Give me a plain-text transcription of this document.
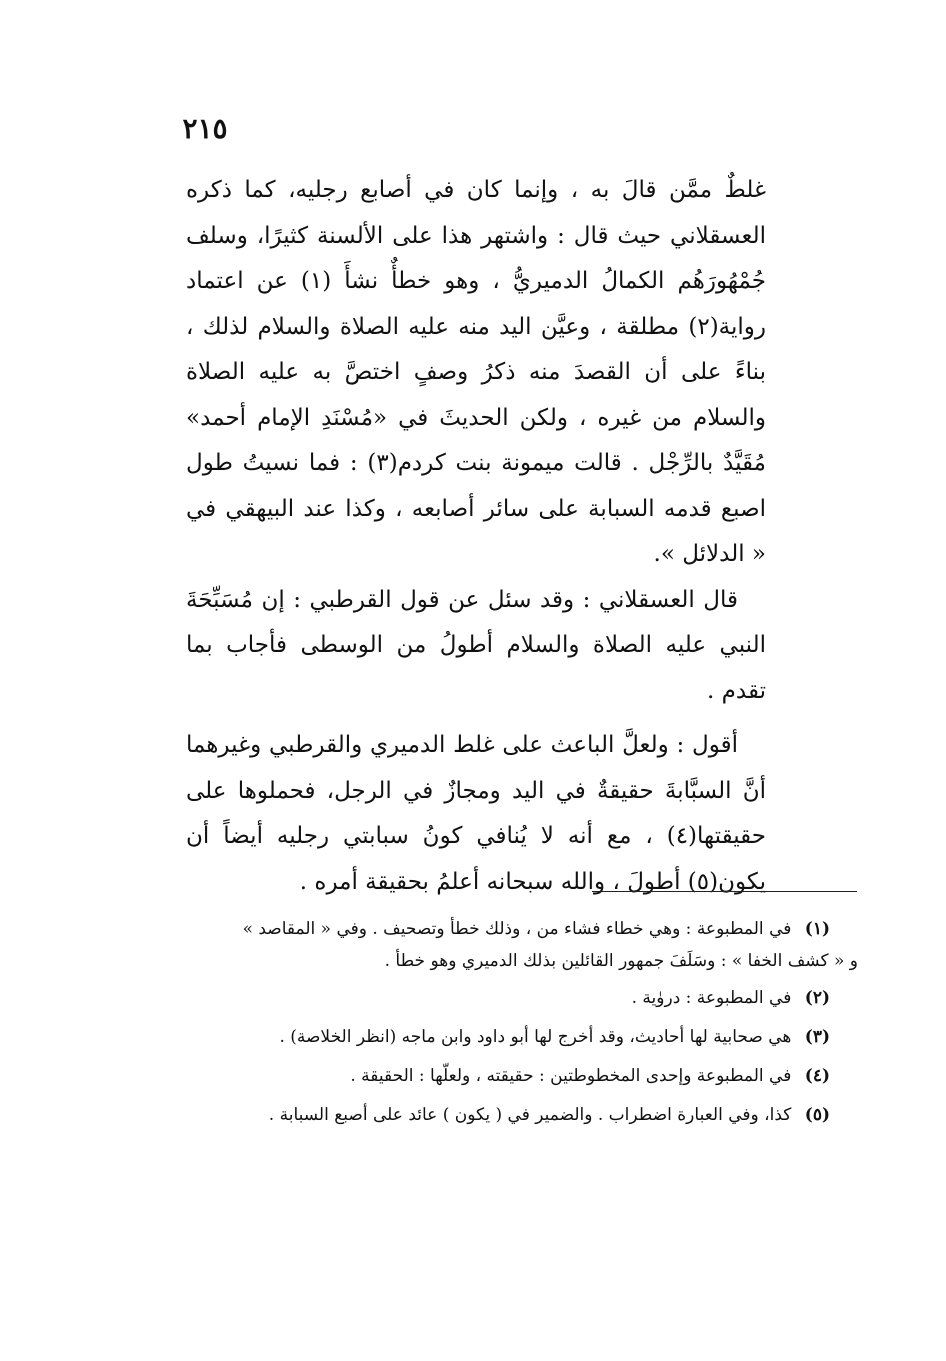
٢١٥

غلطٌ ممَّن قالَ به ، وإنما كان في أصابع رجليه، كما ذكره العسقلاني حيث قال : واشتهر هذا على الألسنة كثيرًا، وسلف جُمْهُورَهُم الكمالُ الدميريُّ ، وهو خطأٌ نشأَ (١) عن اعتماد رواية(٢) مطلقة ، وعيَّن اليد منه عليه الصلاة والسلام لذلك ، بناءً على أن القصدَ منه ذكرُ وصفٍ اختصَّ به عليه الصلاة والسلام من غيره ، ولكن الحديثَ في «مُسْنَدِ الإمام أحمد» مُقَيَّدٌ بالرِّجْل . قالت ميمونة بنت كردم(٣) : فما نسيتُ طول اصبع قدمه السبابة على سائر أصابعه ، وكذا عند البيهقي في « الدلائل ».

قال العسقلاني : وقد سئل عن قول القرطبي : إن مُسَبِّحَةَ النبي عليه الصلاة والسلام أطولُ من الوسطى فأجاب بما تقدم .

أقول : ولعلَّ الباعث على غلط الدميري والقرطبي وغيرهما أنَّ السبَّابةَ حقيقةٌ في اليد ومجازٌ في الرجل، فحملوها على حقيقتها(٤) ، مع أنه لا يُنافي كونُ سبابتي رجليه أيضاً أن يكون(٥) أطولَ ، والله سبحانه أعلمُ بحقيقة أمره .

(١) في المطبوعة : وهي خطاء فشاء من ، وذلك خطأ وتصحيف . وفي « المقاصد »
و « كشف الخفا » : وسَلَفَ جمهور القائلين بذلك الدميري وهو خطأ .
(٢) في المطبوعة : دروٰية .
(٣) هي صحابية لها أحاديث، وقد أخرج لها أبو داود وابن ماجه (انظر الخلاصة) .
(٤) في المطبوعة وإحدى المخطوطتين : حقيقته ، ولعلّها : الحقيقة .
(٥) كذا، وفي العبارة اضطراب . والضمير في ( يكون ) عائد على أصبع السبابة .
